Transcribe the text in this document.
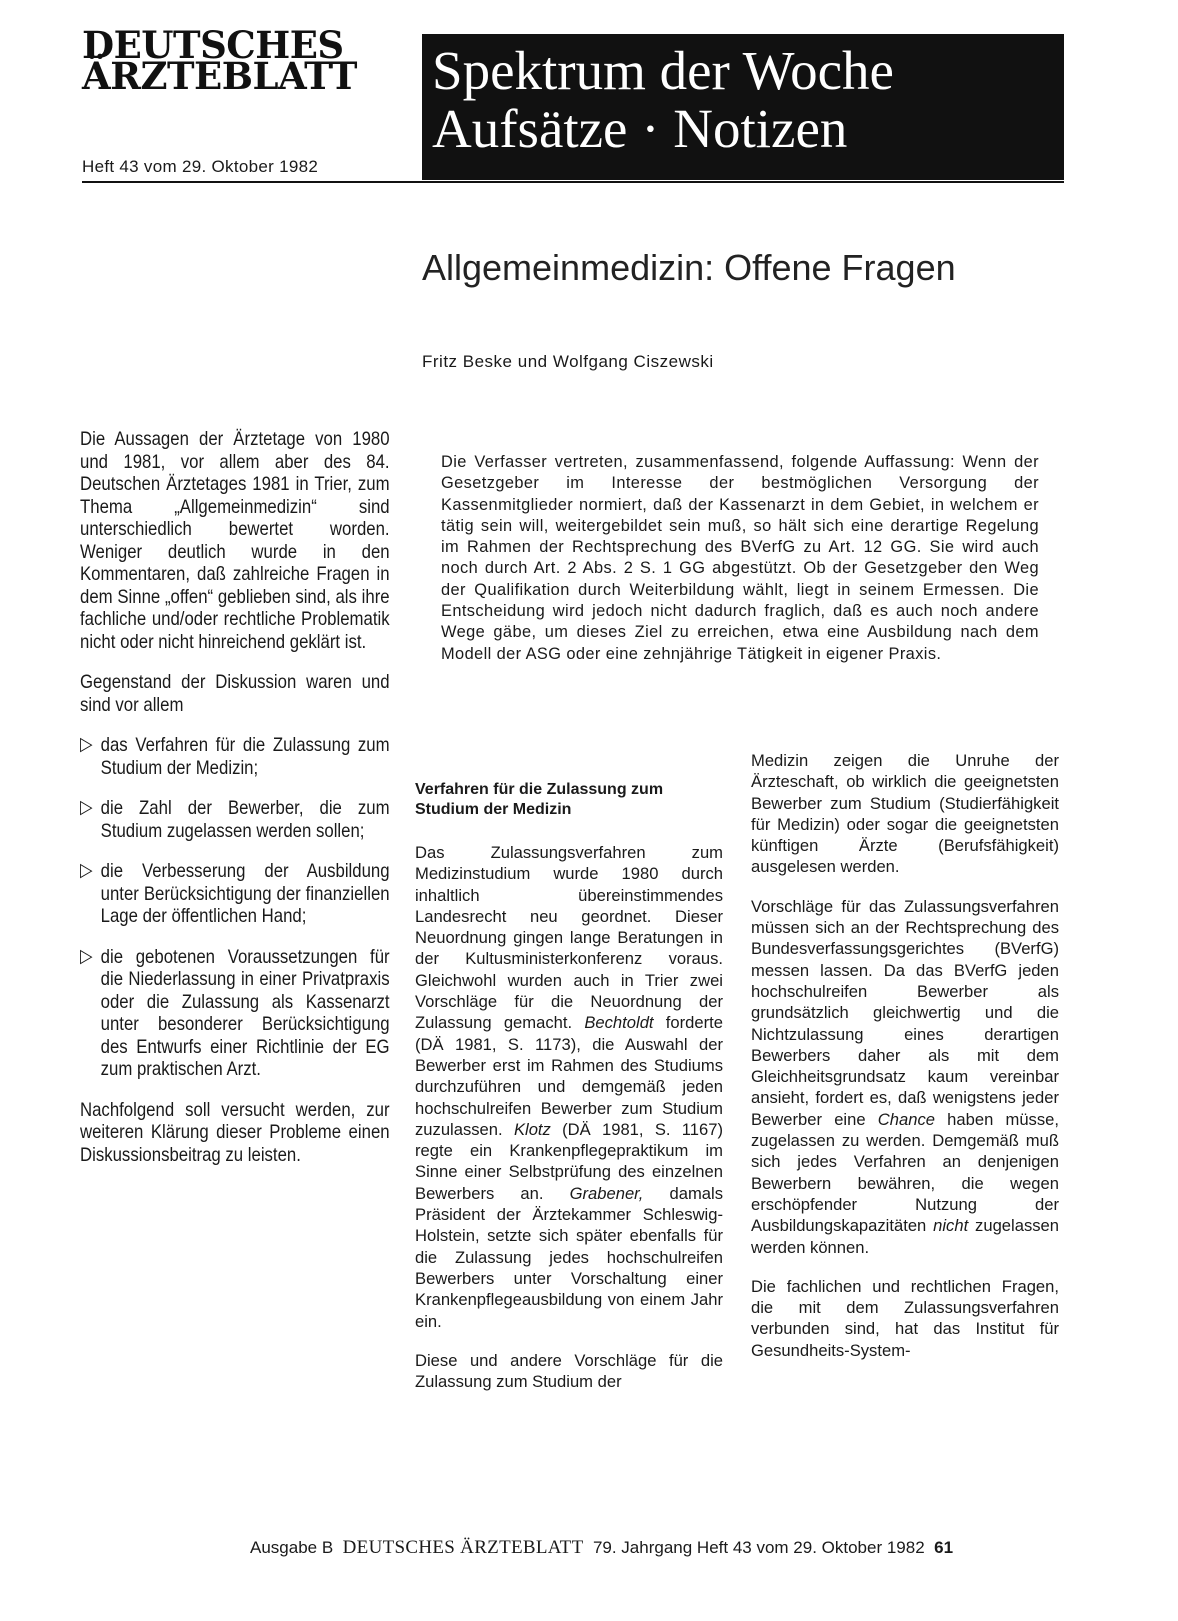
DEUTSCHES
ÄRZTEBLATT
Heft 43 vom 29. Oktober 1982
Spektrum der Woche
Aufsätze · Notizen
Allgemeinmedizin: Offene Fragen
Fritz Beske und Wolfgang Ciszewski

Die Aussagen der Ärztetage von 1980 und 1981, vor allem aber des 84. Deutschen Ärztetages 1981 in Trier, zum Thema „Allgemeinmedizin“ sind unterschiedlich bewertet worden. Weniger deutlich wurde in den Kommentaren, daß zahlreiche Fragen in dem Sinne „offen“ geblieben sind, als ihre fachliche und/oder rechtliche Problematik nicht oder nicht hinreichend geklärt ist.

Gegenstand der Diskussion waren und sind vor allem

▷ das Verfahren für die Zulassung zum Studium der Medizin;
▷ die Zahl der Bewerber, die zum Studium zugelassen werden sollen;
▷ die Verbesserung der Ausbildung unter Berücksichtigung der finanziellen Lage der öffentlichen Hand;
▷ die gebotenen Voraussetzungen für die Niederlassung in einer Privatpraxis oder die Zulassung als Kassenarzt unter besonderer Berücksichtigung des Entwurfs einer Richtlinie der EG zum praktischen Arzt.

Nachfolgend soll versucht werden, zur weiteren Klärung dieser Probleme einen Diskussionsbeitrag zu leisten.

Die Verfasser vertreten, zusammenfassend, folgende Auffassung: Wenn der Gesetzgeber im Interesse der bestmöglichen Versorgung der Kassenmitglieder normiert, daß der Kassenarzt in dem Gebiet, in welchem er tätig sein will, weitergebildet sein muß, so hält sich eine derartige Regelung im Rahmen der Rechtsprechung des BVerfG zu Art. 12 GG. Sie wird auch noch durch Art. 2 Abs. 2 S. 1 GG abgestützt. Ob der Gesetzgeber den Weg der Qualifikation durch Weiterbildung wählt, liegt in seinem Ermessen. Die Entscheidung wird jedoch nicht dadurch fraglich, daß es auch noch andere Wege gäbe, um dieses Ziel zu erreichen, etwa eine Ausbildung nach dem Modell der ASG oder eine zehnjährige Tätigkeit in eigener Praxis.
Verfahren für die Zulassung zum Studium der Medizin

Das Zulassungsverfahren zum Medizinstudium wurde 1980 durch inhaltlich übereinstimmendes Landesrecht neu geordnet. Dieser Neuordnung gingen lange Beratungen in der Kultusministerkonferenz voraus. Gleichwohl wurden auch in Trier zwei Vorschläge für die Neuordnung der Zulassung gemacht. Bechtoldt forderte (DÄ 1981, S. 1173), die Auswahl der Bewerber erst im Rahmen des Studiums durchzuführen und demgemäß jeden hochschulreifen Bewerber zum Studium zuzulassen. Klotz (DÄ 1981, S. 1167) regte ein Krankenpflegepraktikum im Sinne einer Selbstprüfung des einzelnen Bewerbers an. Grabener, damals Präsident der Ärztekammer Schleswig-Holstein, setzte sich später ebenfalls für die Zulassung jedes hochschulreifen Bewerbers unter Vorschaltung einer Krankenpflegeausbildung von einem Jahr ein.

Diese und andere Vorschläge für die Zulassung zum Studium der

Medizin zeigen die Unruhe der Ärzteschaft, ob wirklich die geeignetsten Bewerber zum Studium (Studierfähigkeit für Medizin) oder sogar die geeignetsten künftigen Ärzte (Berufsfähigkeit) ausgelesen werden.

Vorschläge für das Zulassungsverfahren müssen sich an der Rechtsprechung des Bundesverfassungsgerichtes (BVerfG) messen lassen. Da das BVerfG jeden hochschulreifen Bewerber als grundsätzlich gleichwertig und die Nichtzulassung eines derartigen Bewerbers daher als mit dem Gleichheitsgrundsatz kaum vereinbar ansieht, fordert es, daß wenigstens jeder Bewerber eine Chance haben müsse, zugelassen zu werden. Demgemäß muß sich jedes Verfahren an denjenigen Bewerbern bewähren, die wegen erschöpfender Nutzung der Ausbildungskapazitäten nicht zugelassen werden können.

Die fachlichen und rechtlichen Fragen, die mit dem Zulassungsverfahren verbunden sind, hat das Institut für Gesundheits-System-

Ausgabe B DEUTSCHES ÄRZTEBLATT 79. Jahrgang Heft 43 vom 29. Oktober 1982 61
